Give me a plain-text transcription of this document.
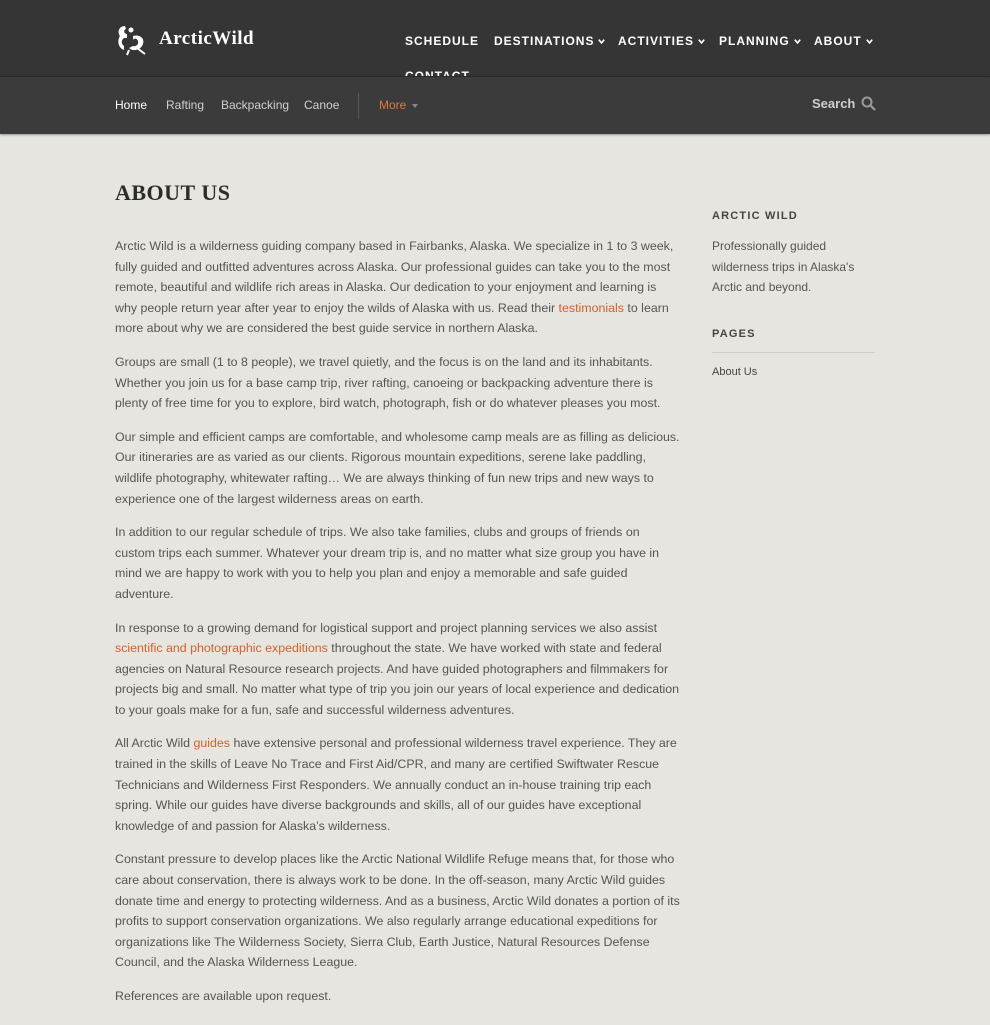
ArcticWild	SCHEDULE DESTINATIONS	ACTIVITIES	PLANNING	ABOUT
Home Rafting Backpacking Canoe	More	Search
ABOUT US

Arctic Wild is a wilderness guiding company based in Fairbanks, Alaska. We specialize in 1 to 3 week, fully guided and outfitted adventures across Alaska. Our professional guides can take you to the most remote, beautiful and wildlife rich areas in Alaska. Our dedication to your enjoyment and learning is why people return year after year to enjoy the wilds of Alaska with us. Read their testimonials to learn more about why we are considered the best guide service in northern Alaska.

Groups are small (1 to 8 people), we travel quietly, and the focus is on the land and its inhabitants. Whether you join us for a base camp trip, river rafting, canoeing or backpacking adventure there is plenty of free time for you to explore, bird watch, photograph, fish or do whatever pleases you most.

Our simple and efficient camps are comfortable, and wholesome camp meals are as filling as delicious. Our itineraries are as varied as our clients. Rigorous mountain expeditions, serene lake paddling, wildlife photography, whitewater rafting… We are always thinking of fun new trips and new ways to experience one of the largest wilderness areas on earth.

In addition to our regular schedule of trips. We also take families, clubs and groups of friends on custom trips each summer. Whatever your dream trip is, and no matter what size group you have in mind we are happy to work with you to help you plan and enjoy a memorable and safe guided adventure.

In response to a growing demand for logistical support and project planning services we also assist scientific and photographic expeditions throughout the state. We have worked with state and federal agencies on Natural Resource research projects. And have guided photographers and filmmakers for projects big and small. No matter what type of trip you join our years of local experience and dedication to your goals make for a fun, safe and successful wilderness adventures.

All Arctic Wild guides have extensive personal and professional wilderness travel experience. They are trained in the skills of Leave No Trace and First Aid/CPR, and many are certified Swiftwater Rescue Technicians and Wilderness First Responders. We annually conduct an in-house training trip each spring. While our guides have diverse backgrounds and skills, all of our guides have exceptional knowledge of and passion for Alaska’s wilderness.

Constant pressure to develop places like the Arctic National Wildlife Refuge means that, for those who care about conservation, there is always work to be done. In the off-season, many Arctic Wild guides donate time and energy to protecting wilderness. And as a business, Arctic Wild donates a portion of its profits to support conservation organizations. We also regularly arrange educational expeditions for organizations like The Wilderness Society, Sierra Club, Earth Justice, Natural Resources Defense Council, and the Alaska Wilderness League.

References are available upon request.

ARCTIC WILD

Professionally guided wilderness trips in Alaska's Arctic and beyond.

PAGES
About Us
